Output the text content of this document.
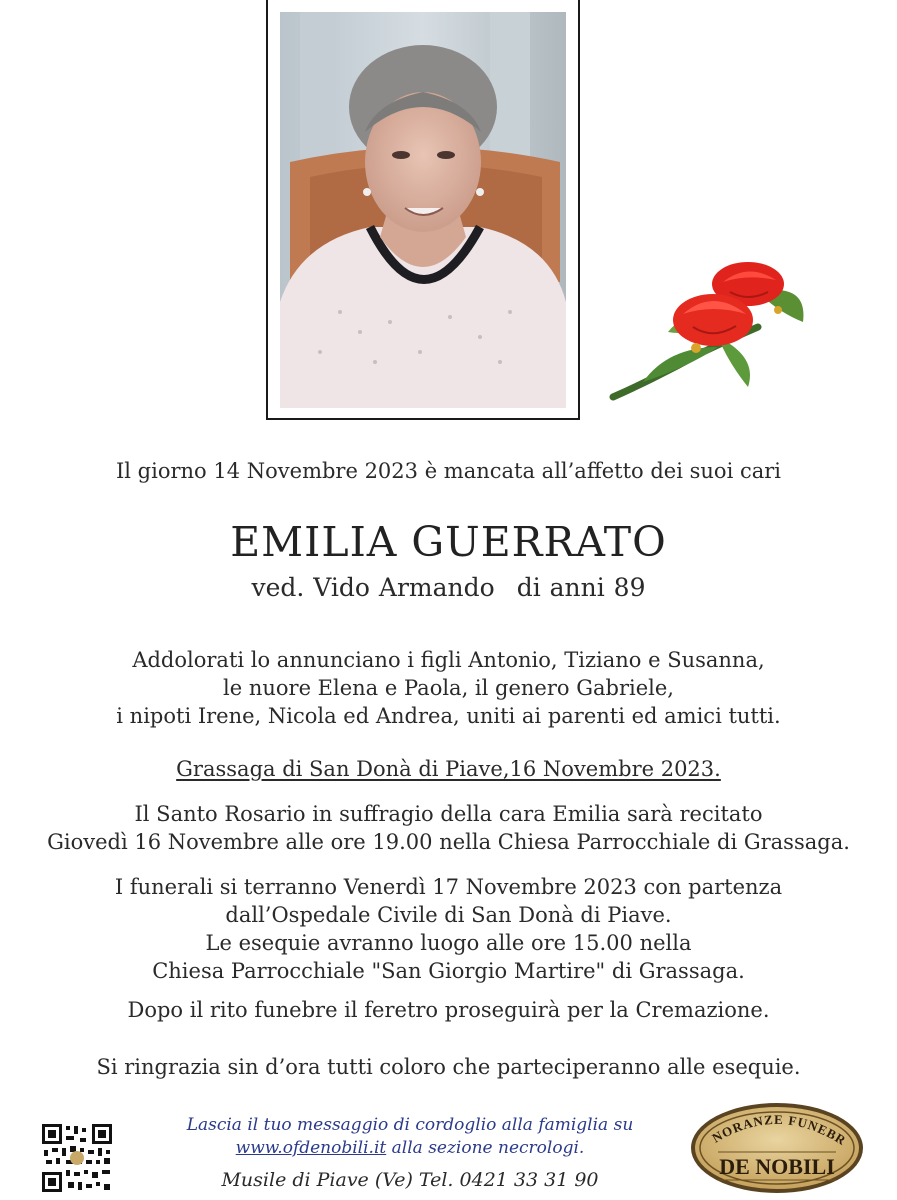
Il giorno 14 Novembre 2023 è mancata all’affetto dei suoi cari
EMILIA GUERRATO
ved. Vido Armando di anni 89
Addolorati lo annunciano i figli Antonio, Tiziano e Susanna,
le nuore Elena e Paola, il genero Gabriele,
i nipoti Irene, Nicola ed Andrea, uniti ai parenti ed amici tutti.
Grassaga di San Donà di Piave,16 Novembre 2023.
Il Santo Rosario in suffragio della cara Emilia sarà recitato
Giovedì 16 Novembre alle ore 19.00 nella Chiesa Parrocchiale di Grassaga.
I funerali si terranno Venerdì 17 Novembre 2023 con partenza
dall’Ospedale Civile di San Donà di Piave.
Le esequie avranno luogo alle ore 15.00 nella
Chiesa Parrocchiale "San Giorgio Martire" di Grassaga.
Dopo il rito funebre il feretro proseguirà per la Cremazione.
Si ringrazia sin d’ora tutti coloro che parteciperanno alle esequie.
Lascia il tuo messaggio di cordoglio alla famiglia su
www.ofdenobili.it alla sezione necrologi.
Musile di Piave (Ve) Tel. 0421 33 31 90
NORANZE FUNEBR
DE NOBILI
